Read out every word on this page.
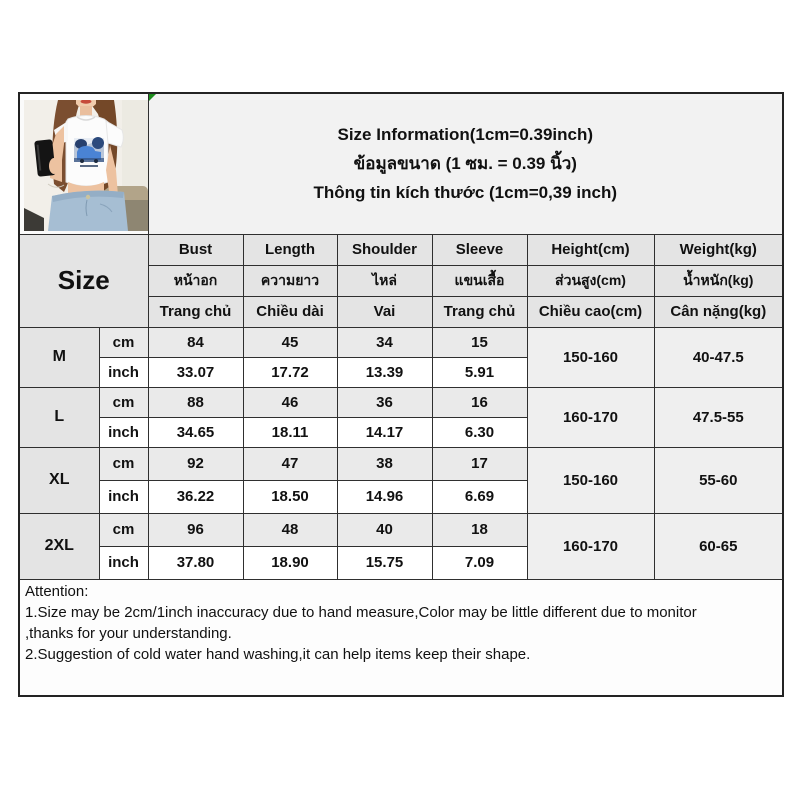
Size Information(1cm=0.39inch)
ข้อมูลขนาด (1 ซม. = 0.39 นิ้ว)
Thông tin kích thước (1cm=0,39 inch)					

Size		Bust	Length	Shoulder	Sleeve	Height(cm)	Weight(kg)
		หน้าอก	ความยาว	ไหล่	แขนเสื้อ	ส่วนสูง(cm)	น้ำหนัก(kg)
		Trang chủ	Chiều dài	Vai	Trang chủ	Chiều cao(cm)	Cân nặng(kg)
M	cm	84	45	34	15	150-160	40-47.5
	inch	33.07	17.72	13.39	5.91		
L	cm	88	46	36	16	160-170	47.5-55
	inch	34.65	18.11	14.17	6.30		
XL	cm	92	47	38	17	150-160	55-60
	inch	36.22	18.50	14.96	6.69		
2XL	cm	96	48	40	18	160-170	60-65
	inch	37.80	18.90	15.75	7.09		

Attention:
1.Size may be 2cm/1inch inaccuracy due to hand measure,Color may be little different due to monitor
,thanks for your understanding.
2.Suggestion of cold water hand washing,it can help items keep their shape.							
